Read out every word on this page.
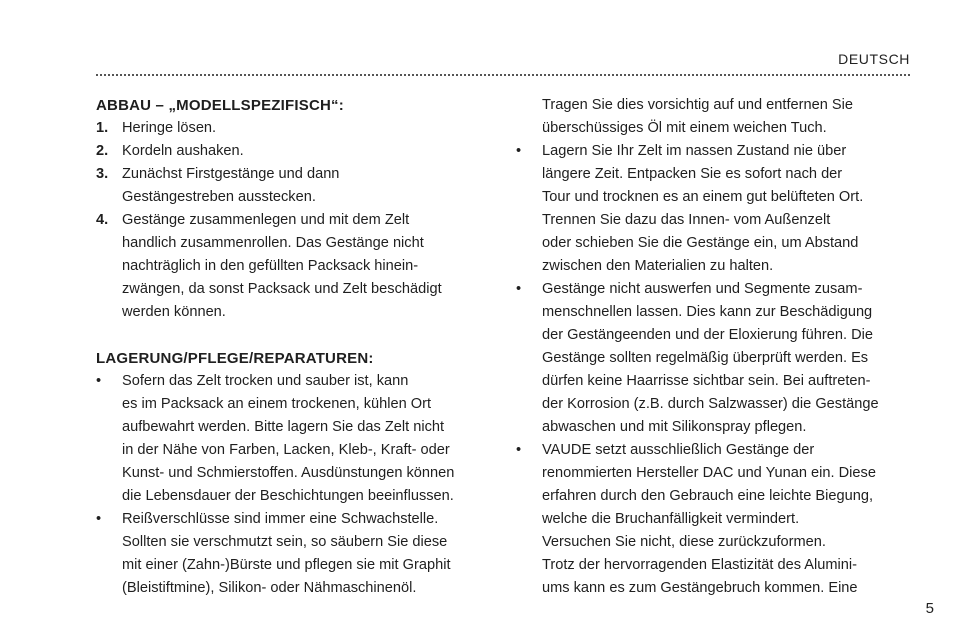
DEUTSCH
ABBAU – „MODELLSPEZIFISCH“:
1. Heringe lösen.
2. Kordeln aushaken.
3. Zunächst Firstgestänge und dann
Gestängestreben ausstecken.
4. Gestänge zusammenlegen und mit dem Zelt
handlich zusammenrollen. Das Gestänge nicht
nachträglich in den gefüllten Packsack hinein-
zwängen, da sonst Packsack und Zelt beschädigt
werden können.
LAGERUNG/PFLEGE/REPARATUREN:
•	Sofern das Zelt trocken und sauber ist, kann
es im Packsack an einem trockenen, kühlen Ort
aufbewahrt werden. Bitte lagern Sie das Zelt nicht
in der Nähe von Farben, Lacken, Kleb-, Kraft- oder
Kunst- und Schmierstoffen. Ausdünstungen können
die Lebensdauer der Beschichtungen beeinflussen.
•	Reißverschlüsse sind immer eine Schwachstelle.
Sollten sie verschmutzt sein, so säubern Sie diese
mit einer (Zahn-)Bürste und pflegen sie mit Graphit
(Bleistiftmine), Silikon- oder Nähmaschinenöl.
Tragen Sie dies vorsichtig auf und entfernen Sie
überschüssiges Öl mit einem weichen Tuch.
•	Lagern Sie Ihr Zelt im nassen Zustand nie über
längere Zeit. Entpacken Sie es sofort nach der
Tour und trocknen es an einem gut belüfteten Ort.
Trennen Sie dazu das Innen- vom Außenzelt
oder schieben Sie die Gestänge ein, um Abstand
zwischen den Materialien zu halten.
•	Gestänge nicht auswerfen und Segmente zusam-
menschnellen lassen. Dies kann zur Beschädigung
der Gestängeenden und der Eloxierung führen. Die
Gestänge sollten regelmäßig überprüft werden. Es
dürfen keine Haarrisse sichtbar sein. Bei auftreten-
der Korrosion (z.B. durch Salzwasser) die Gestänge
abwaschen und mit Silikonspray pflegen.
•	VAUDE setzt ausschließlich Gestänge der
renommierten Hersteller DAC und Yunan ein. Diese
erfahren durch den Gebrauch eine leichte Biegung,
welche die Bruchanfälligkeit vermindert.
Versuchen Sie nicht, diese zurückzuformen.
Trotz der hervorragenden Elastizität des Alumini-
ums kann es zum Gestängebruch kommen. Eine
5
